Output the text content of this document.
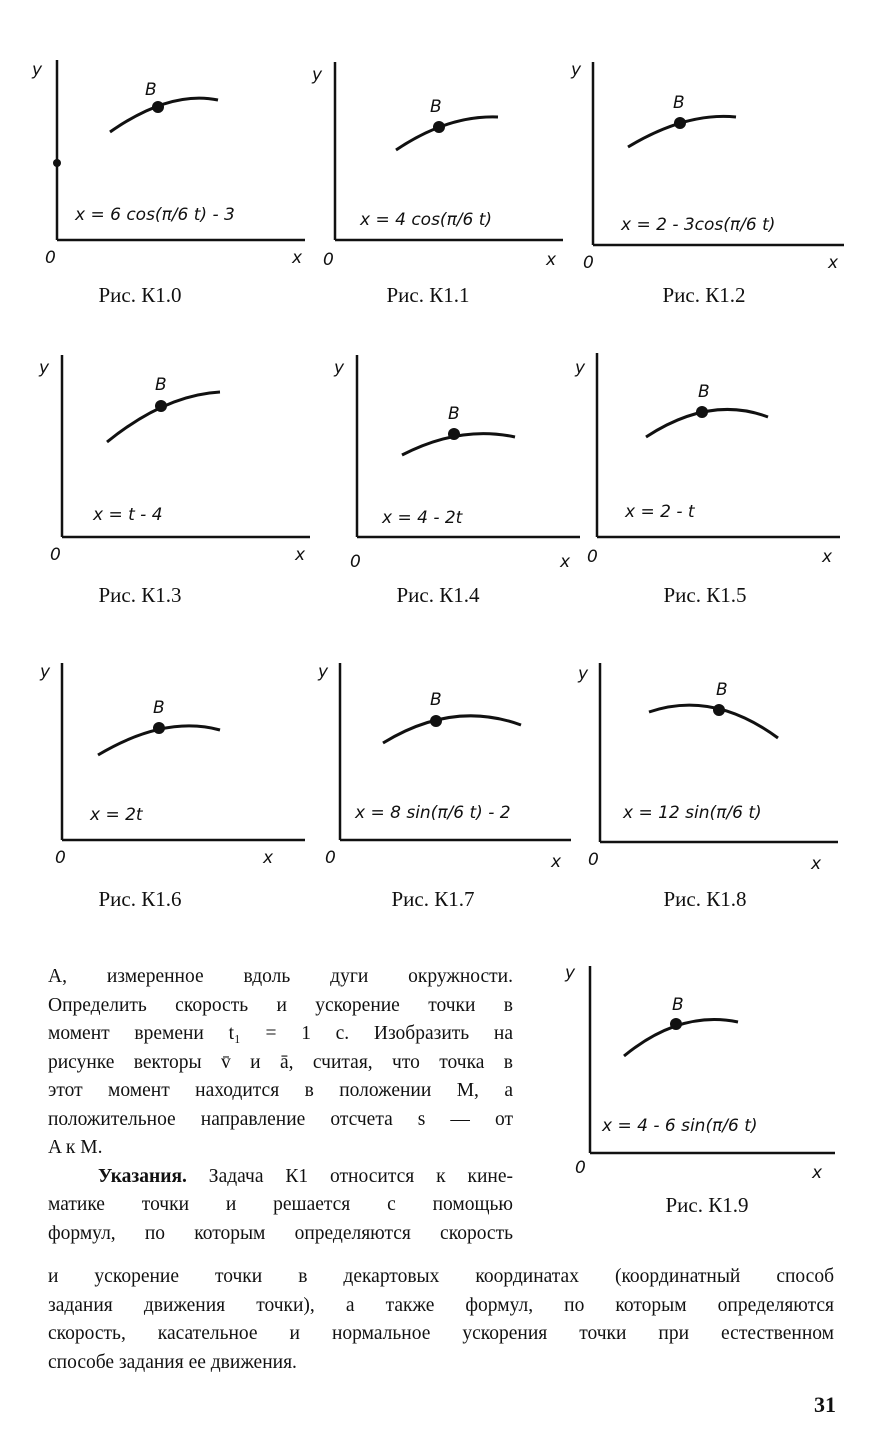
B
y
x
0
x = 6 cos(π/6 t) - 3
Рис. К1.0
B
y
x
0
x = 4 cos(π/6 t)
Рис. К1.1
B
y
x
0
x = 2 - 3cos(π/6 t)
Рис. К1.2
B
y
x
0
x = t - 4
Рис. К1.3
B
y
x
0
x = 4 - 2t
Рис. К1.4
B
y
x
0
x = 2 - t
Рис. К1.5
B
y
x
0
x = 2t
Рис. К1.6
B
y
x
0
x = 8 sin(π/6 t) - 2
Рис. К1.7
B
y
x
0
x = 12 sin(π/6 t)
Рис. К1.8
B
y
x
0
x = 4 - 6 sin(π/6 t)
Рис. К1.9

A, измеренное вдоль дуги окружности.

Определить скорость и ускорение точки в

момент времени t₁ = 1 с. Изобразить на

рисунке векторы v̄ и ā, считая, что точка в

этот момент находится в положении M, а

положительное направление отсчета s — от

A к M.

Указания. Задача К1 относится к кине-

матике точки и решается с помощью

формул, по которым определяются скорость

и ускорение точки в декартовых координатах (координатный способ

задания движения точки), а также формул, по которым определяются

скорость, касательное и нормальное ускорения точки при естественном

способе задания ее движения.

31
